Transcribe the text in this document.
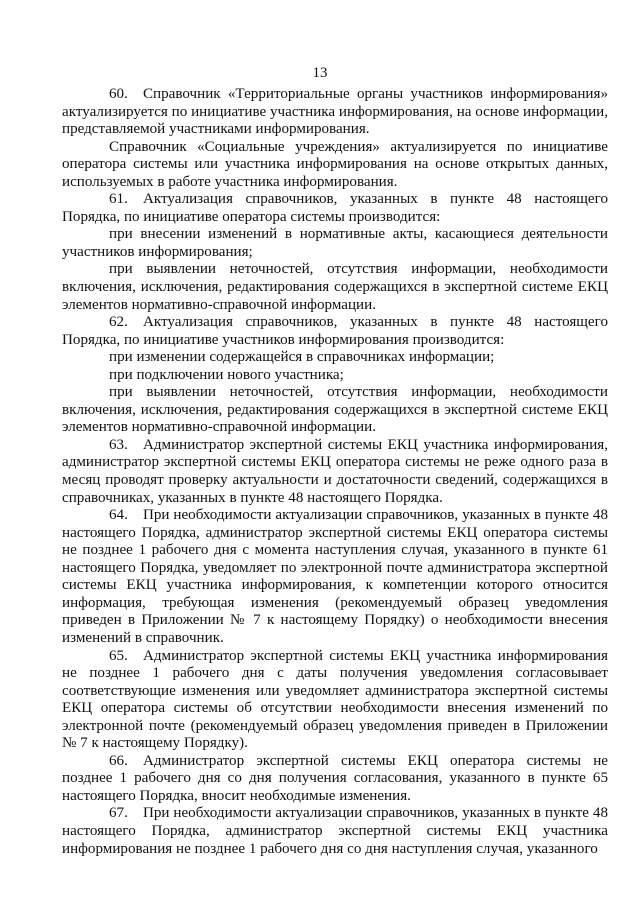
13

60. Справочник «Территориальные органы участников информирования» актуализируется по инициативе участника информирования, на основе информации, представляемой участниками информирования.

Справочник «Социальные учреждения» актуализируется по инициативе оператора системы или участника информирования на основе открытых данных, используемых в работе участника информирования.

61. Актуализация справочников, указанных в пункте 48 настоящего Порядка, по инициативе оператора системы производится:

при внесении изменений в нормативные акты, касающиеся деятельности участников информирования;

при выявлении неточностей, отсутствия информации, необходимости включения, исключения, редактирования содержащихся в экспертной системе ЕКЦ элементов нормативно-справочной информации.

62. Актуализация справочников, указанных в пункте 48 настоящего Порядка, по инициативе участников информирования производится:

при изменении содержащейся в справочниках информации;

при подключении нового участника;

при выявлении неточностей, отсутствия информации, необходимости включения, исключения, редактирования содержащихся в экспертной системе ЕКЦ элементов нормативно-справочной информации.

63. Администратор экспертной системы ЕКЦ участника информирования, администратор экспертной системы ЕКЦ оператора системы не реже одного раза в месяц проводят проверку актуальности и достаточности сведений, содержащихся в справочниках, указанных в пункте 48 настоящего Порядка.

64. При необходимости актуализации справочников, указанных в пункте 48 настоящего Порядка, администратор экспертной системы ЕКЦ оператора системы не позднее 1 рабочего дня с момента наступления случая, указанного в пункте 61 настоящего Порядка, уведомляет по электронной почте администратора экспертной системы ЕКЦ участника информирования, к компетенции которого относится информация, требующая изменения (рекомендуемый образец уведомления приведен в Приложении № 7 к настоящему Порядку) о необходимости внесения изменений в справочник.

65. Администратор экспертной системы ЕКЦ участника информирования не позднее 1 рабочего дня с даты получения уведомления согласовывает соответствующие изменения или уведомляет администратора экспертной системы ЕКЦ оператора системы об отсутствии необходимости внесения изменений по электронной почте (рекомендуемый образец уведомления приведен в Приложении № 7 к настоящему Порядку).

66. Администратор экспертной системы ЕКЦ оператора системы не позднее 1 рабочего дня со дня получения согласования, указанного в пункте 65 настоящего Порядка, вносит необходимые изменения.

67. При необходимости актуализации справочников, указанных в пункте 48 настоящего Порядка, администратор экспертной системы ЕКЦ участника информирования не позднее 1 рабочего дня со дня наступления случая, указанного
